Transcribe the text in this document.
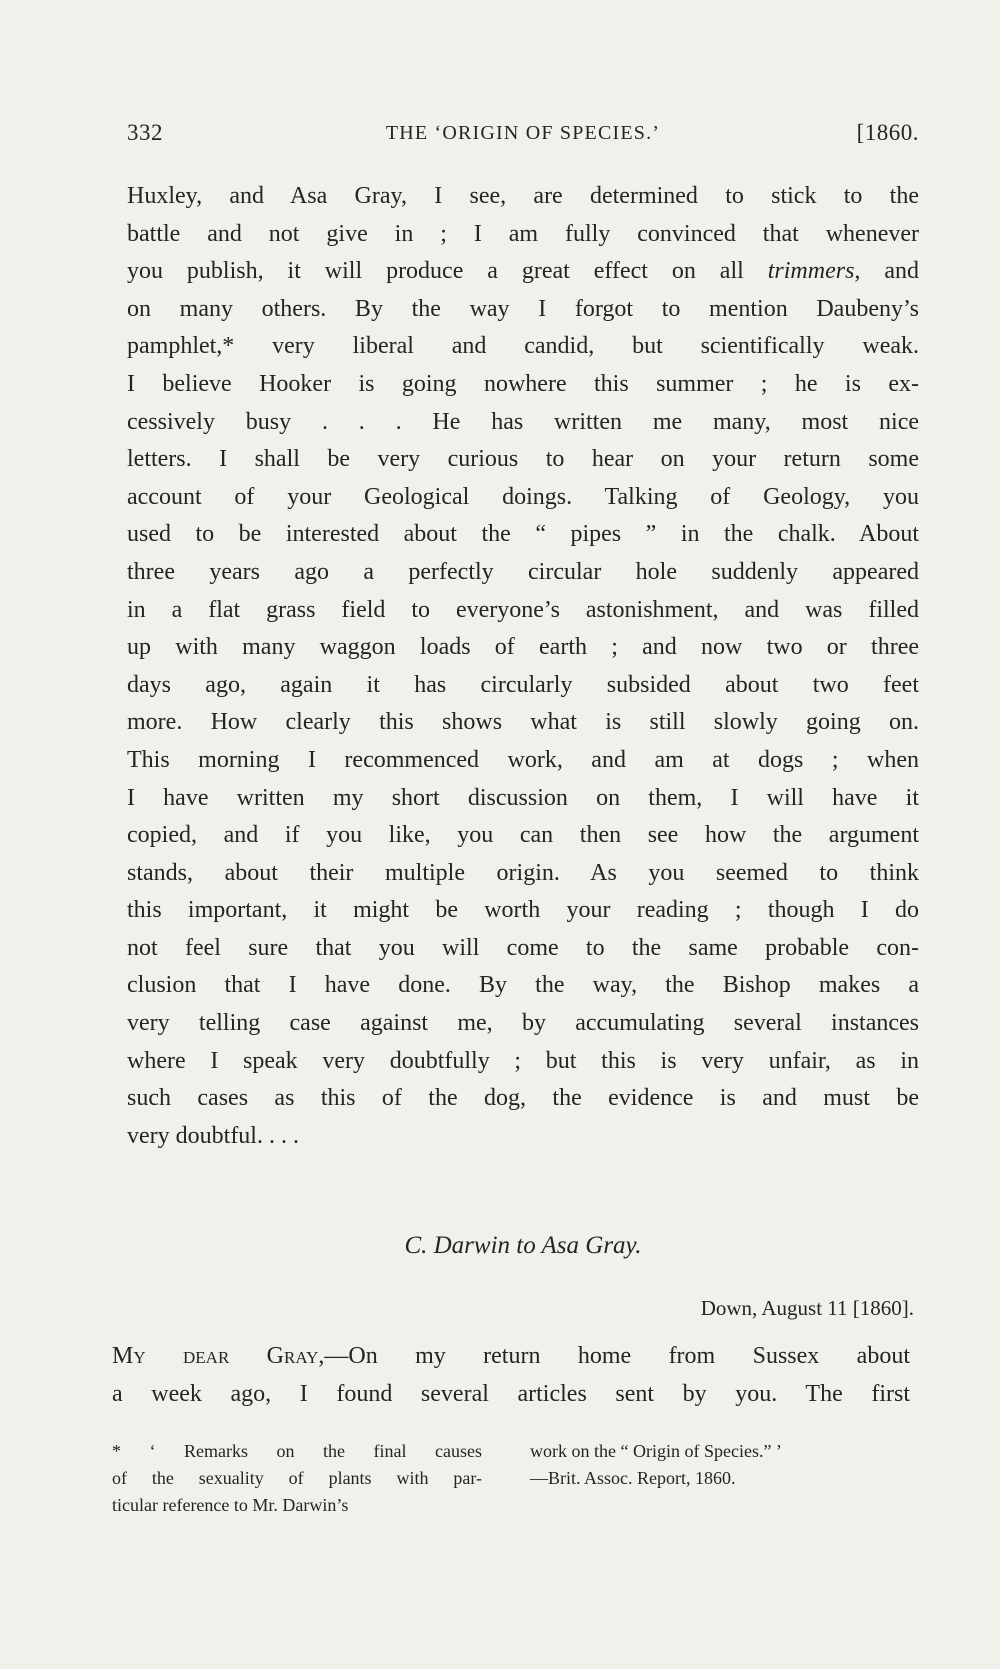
332	THE ‘ORIGIN OF SPECIES.’	[1860.
Huxley, and Asa Gray, I see, are determined to stick to the
battle and not give in ; I am fully convinced that whenever
you publish, it will produce a great effect on all trimmers, and
on many others. By the way I forgot to mention Daubeny’s
pamphlet,* very liberal and candid, but scientifically weak.
I believe Hooker is going nowhere this summer ; he is ex-
cessively busy . . . He has written me many, most nice
letters. I shall be very curious to hear on your return some
account of your Geological doings. Talking of Geology, you
used to be interested about the “ pipes ” in the chalk. About
three years ago a perfectly circular hole suddenly appeared
in a flat grass field to everyone’s astonishment, and was filled
up with many waggon loads of earth ; and now two or three
days ago, again it has circularly subsided about two feet
more. How clearly this shows what is still slowly going on.
This morning I recommenced work, and am at dogs ; when
I have written my short discussion on them, I will have it
copied, and if you like, you can then see how the argument
stands, about their multiple origin. As you seemed to think
this important, it might be worth your reading ; though I do
not feel sure that you will come to the same probable con-
clusion that I have done. By the way, the Bishop makes a
very telling case against me, by accumulating several instances
where I speak very doubtfully ; but this is very unfair, as in
such cases as this of the dog, the evidence is and must be
very doubtful. . . .
C. Darwin to Asa Gray.
Down, August 11 [1860].
My dear Gray,—On my return home from Sussex about
a week ago, I found several articles sent by you. The first
* ‘ Remarks on the final causes
of the sexuality of plants with par-
ticular reference to Mr. Darwin’s
work on the “ Origin of Species.” ’
—Brit. Assoc. Report, 1860.
